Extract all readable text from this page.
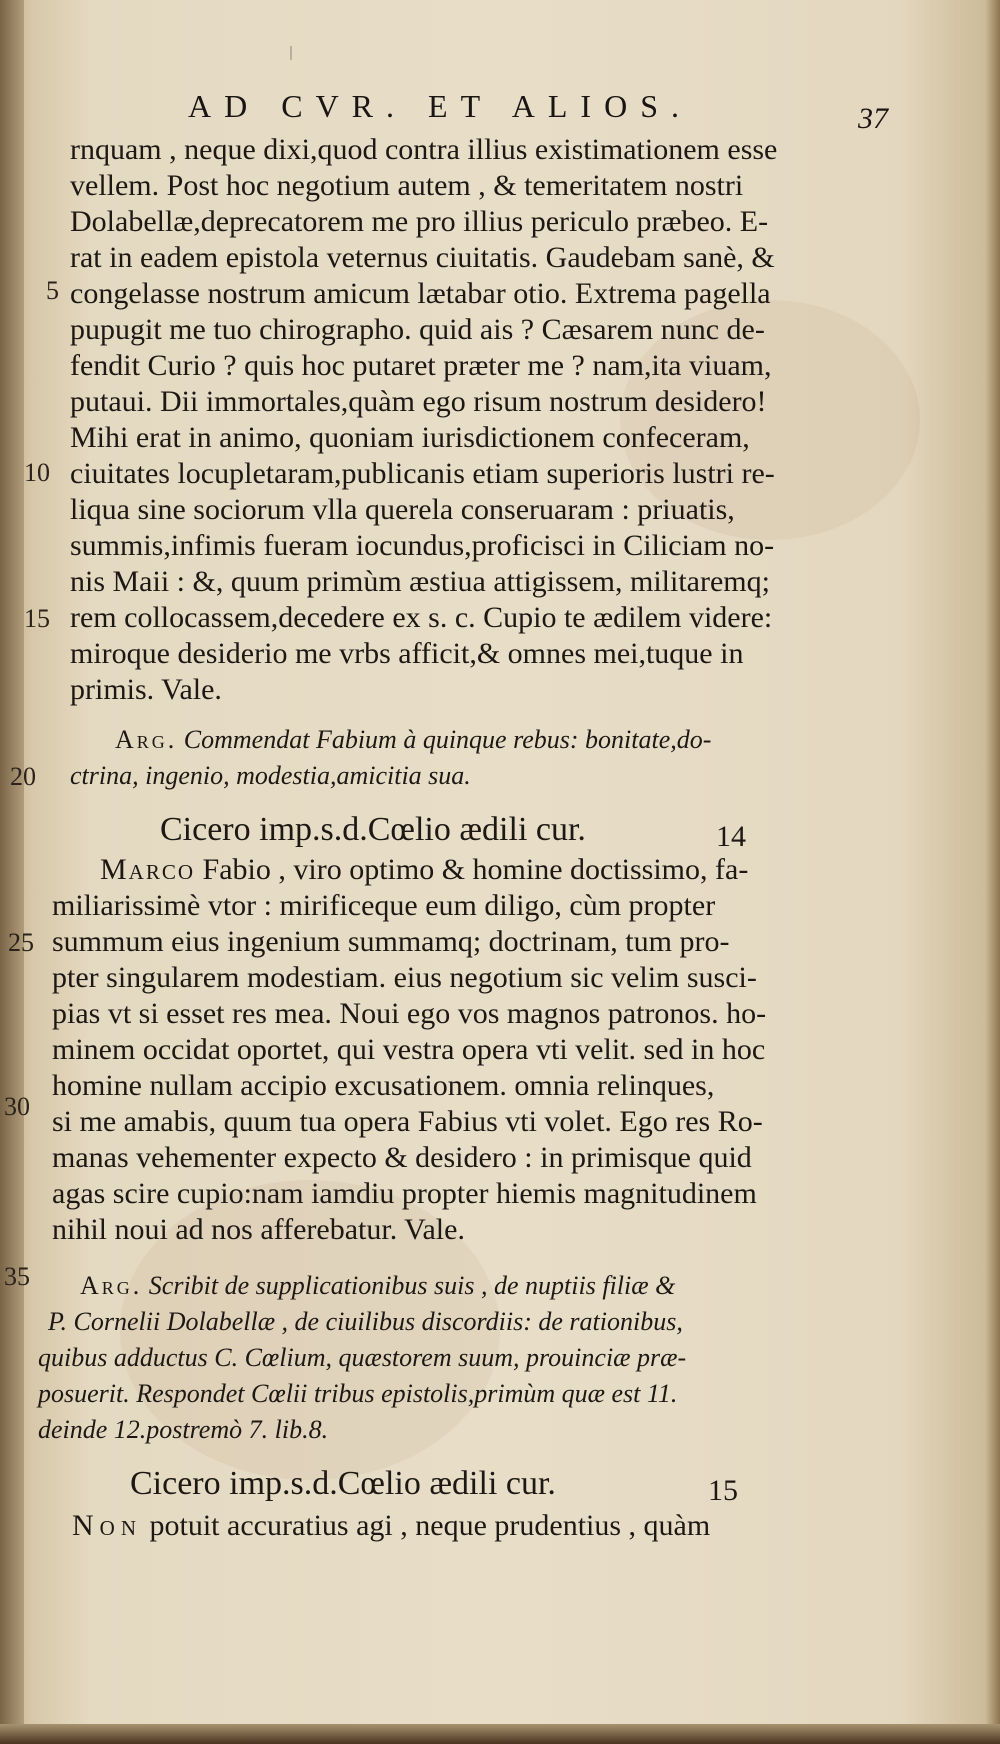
AD CVR. ET ALIOS.	37
rnquam , neque dixi,quod contra illius existimationem esse
vellem. Post hoc negotium autem , & temeritatem nostri
Dolabellæ,deprecatorem me pro illius periculo præbeo. E-
rat in eadem epistola veternus ciuitatis. Gaudebam sanè, &
congelasse nostrum amicum lætabar otio. Extrema pagella
pupugit me tuo chirographo. quid ais ? Cæsarem nunc de-
fendit Curio ? quis hoc putaret præter me ? nam,ita viuam,
putaui. Dii immortales,quàm ego risum nostrum desidero!
Mihi erat in animo, quoniam iurisdictionem confeceram,
ciuitates locupletaram,publicanis etiam superioris lustri re-
liqua sine sociorum vlla querela conseruaram : priuatis,
summis,infimis fueram iocundus,proficisci in Ciliciam no-
nis Maii : &, quum primùm æstiua attigissem, militaremq;
rem collocassem,decedere ex s. c. Cupio te ædilem videre:
miroque desiderio me vrbs afficit,& omnes mei,tuque in
primis. Vale.
Arg. Commendat Fabium à quinque rebus: bonitate,do-
ctrina, ingenio, modestia,amicitia sua.
Cicero imp.s.d.Cœlio ædili cur.	14
Marco Fabio , viro optimo & homine doctissimo, fa-
miliarissimè vtor : mirificeque eum diligo, cùm propter
summum eius ingenium summamq; doctrinam, tum pro-
pter singularem modestiam. eius negotium sic velim susci-
pias vt si esset res mea. Noui ego vos magnos patronos. ho-
minem occidat oportet, qui vestra opera vti velit. sed in hoc
homine nullam accipio excusationem. omnia relinques,
si me amabis, quum tua opera Fabius vti volet. Ego res Ro-
manas vehementer expecto & desidero : in primisque quid
agas scire cupio:nam iamdiu propter hiemis magnitudinem
nihil noui ad nos afferebatur. Vale.
Arg. Scribit de supplicationibus suis , de nuptiis filiæ &
P. Cornelii Dolabellæ , de ciuilibus discordiis: de rationibus,
quibus adductus C. Cœlium, quæstorem suum, prouinciæ præ-
posuerit. Respondet Cœlii tribus epistolis,primùm quæ est 11.
deinde 12.postremò 7. lib.8.
Cicero imp.s.d.Cœlio ædili cur.	15
Non potuit accuratius agi , neque prudentius , quàm
5
10
15
20
25
30
35
